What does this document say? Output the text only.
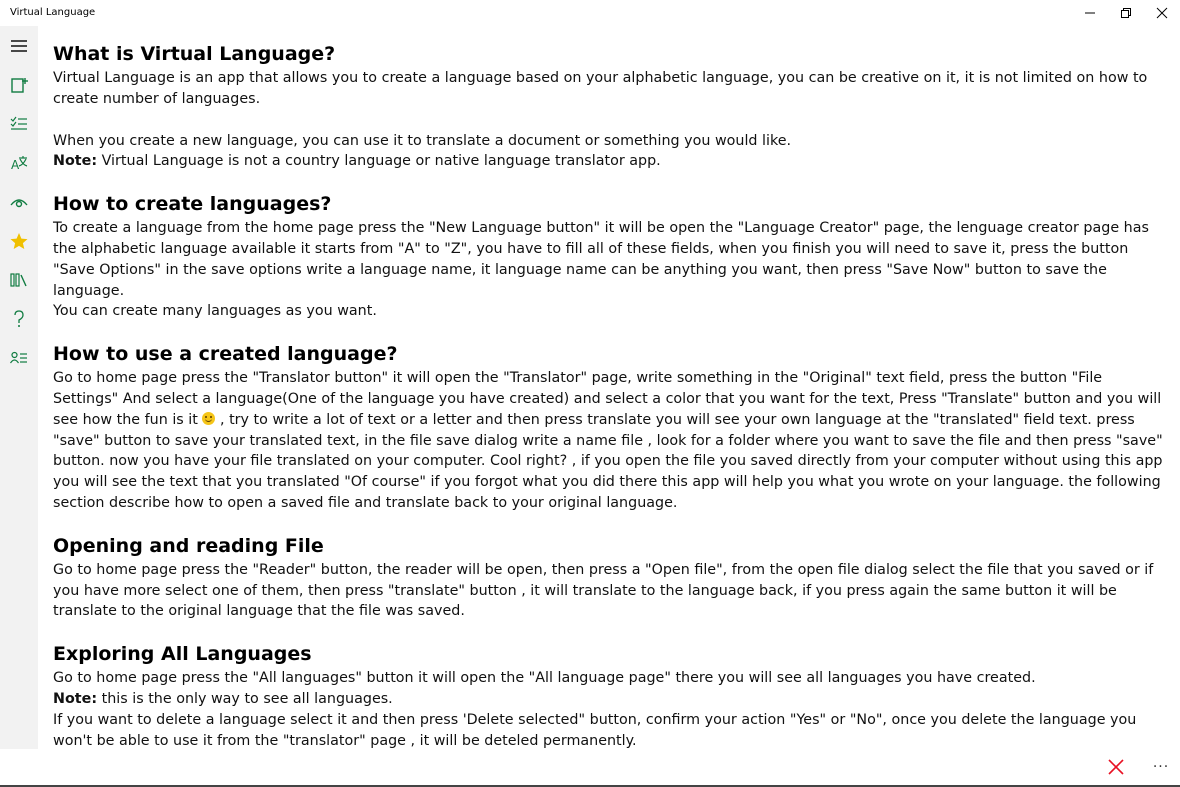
Virtual Language
A
What is Virtual Language?

Virtual Language is an app that allows you to create a language based on your alphabetic language, you can be creative on it, it is not limited on how to create number of languages.

When you create a new language, you can use it to translate a document or something you would like.

Note: Virtual Language is not a country language or native language translator app.

How to create languages?

To create a language from the home page press the "New Language button" it will be open the "Language Creator" page, the lenguage creator page has the alphabetic language available it starts from "A" to "Z", you have to fill all of these fields, when you finish you will need to save it, press the button "Save Options" in the save options write a language name, it language name can be anything you want, then press "Save Now" button to save the language.

You can create many languages as you want.

How to use a created language?

Go to home page press the "Translator button" it will open the "Translator" page, write something in the "Original" text field, press the button "File Settings" And select a language(One of the language you have created) and select a color that you want for the text, Press "Translate" button and you will see how the fun is it  , try to write a lot of text or a letter and then press translate you will see your own language at the "translated" field text. press "save" button to save your translated text, in the file save dialog write a name file , look for a folder where you want to save the file and then press "save" button. now you have your file translated on your computer. Cool right? , if you open the file you saved directly from your computer without using this app you will see the text that you translated "Of course" if you forgot what you did there this app will help you what you wrote on your language. the following section describe how to open a saved file and translate back to your original language.

Opening and reading File

Go to home page press the "Reader" button, the reader will be open, then press a "Open file", from the open file dialog select the file that you saved or if you have more select one of them, then press "translate" button , it will translate to the language back, if you press again the same button it will be translate to the original language that the file was saved.

Exploring All Languages

Go to home page press the "All languages" button it will open the "All language page" there you will see all languages you have created.

Note: this is the only way to see all languages.

If you want to delete a language select it and then press 'Delete selected" button, confirm your action "Yes" or "No", once you delete the language you won't be able to use it from the "translator" page , it will be deteled permanently.

···
